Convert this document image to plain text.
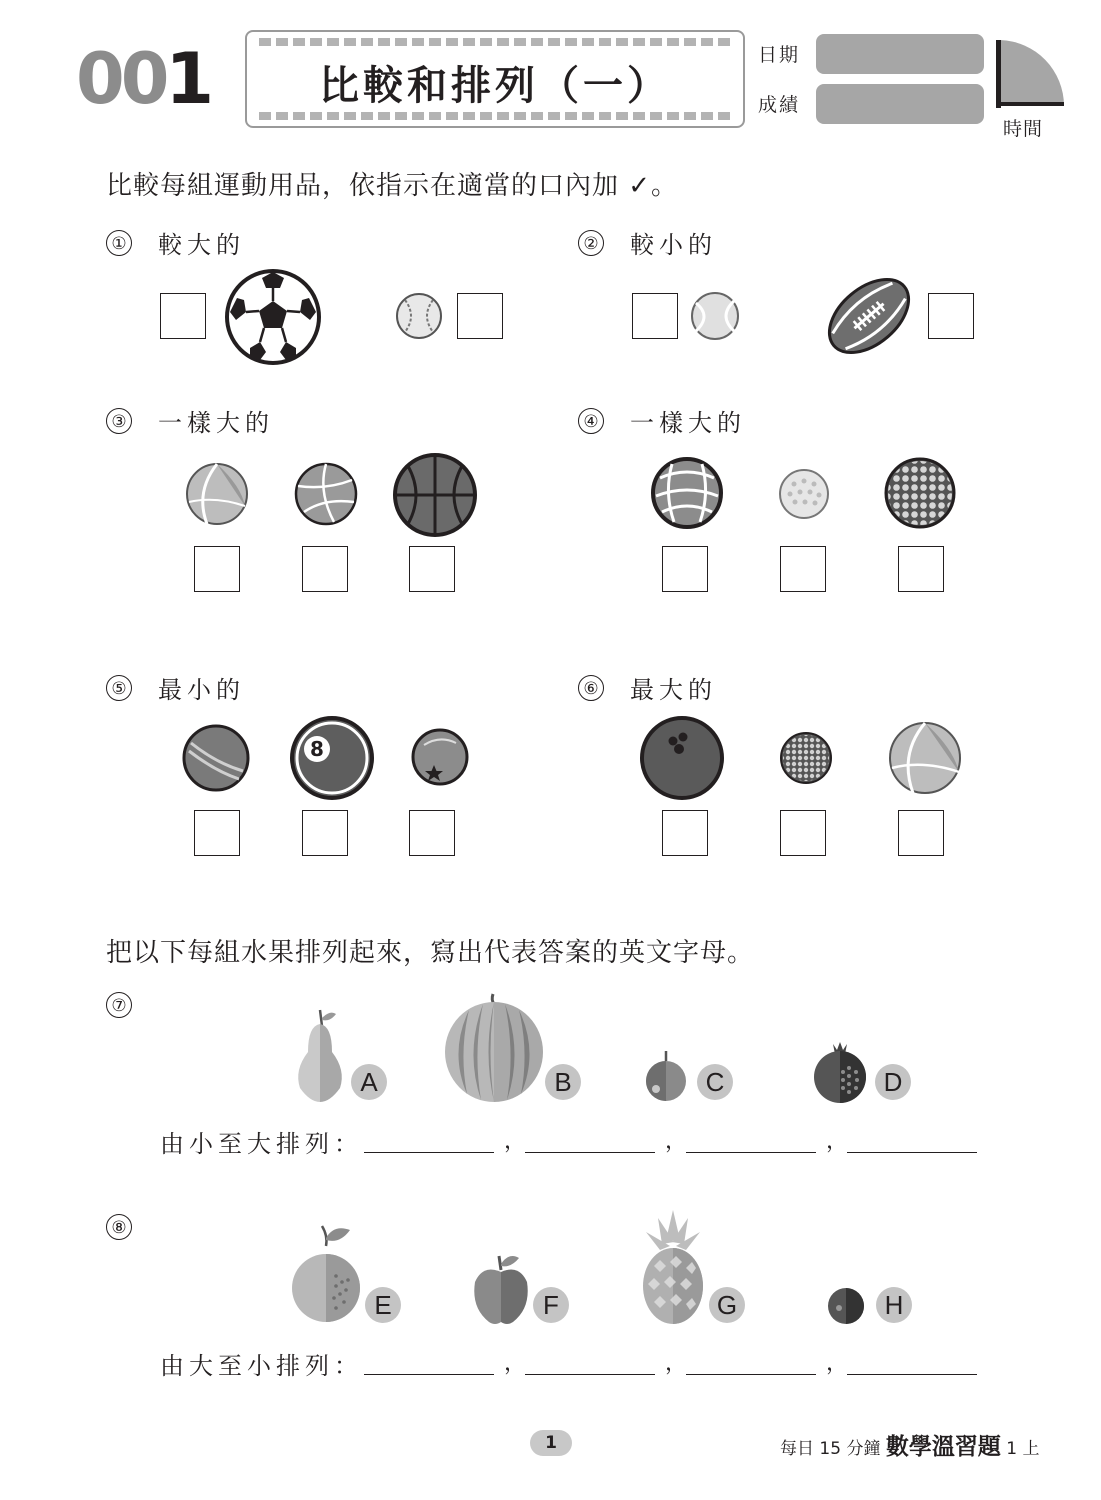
001	比較和排列（一）
日期
成績
時間
比較每組運動用品，依指示在適當的口內加 ✓。
① 較大的	② 較小的
③ 一樣大的	④ 一樣大的
⑤ 最小的
8
⑥ 最大的
把以下每組水果排列起來，寫出代表答案的英文字母。
⑦
A	B	C	D
由小至大排列：	，	，	，
⑧
E	F	G	H
由大至小排列：	，	，	，
1	每日 15 分鐘 數學溫習題 1 上
